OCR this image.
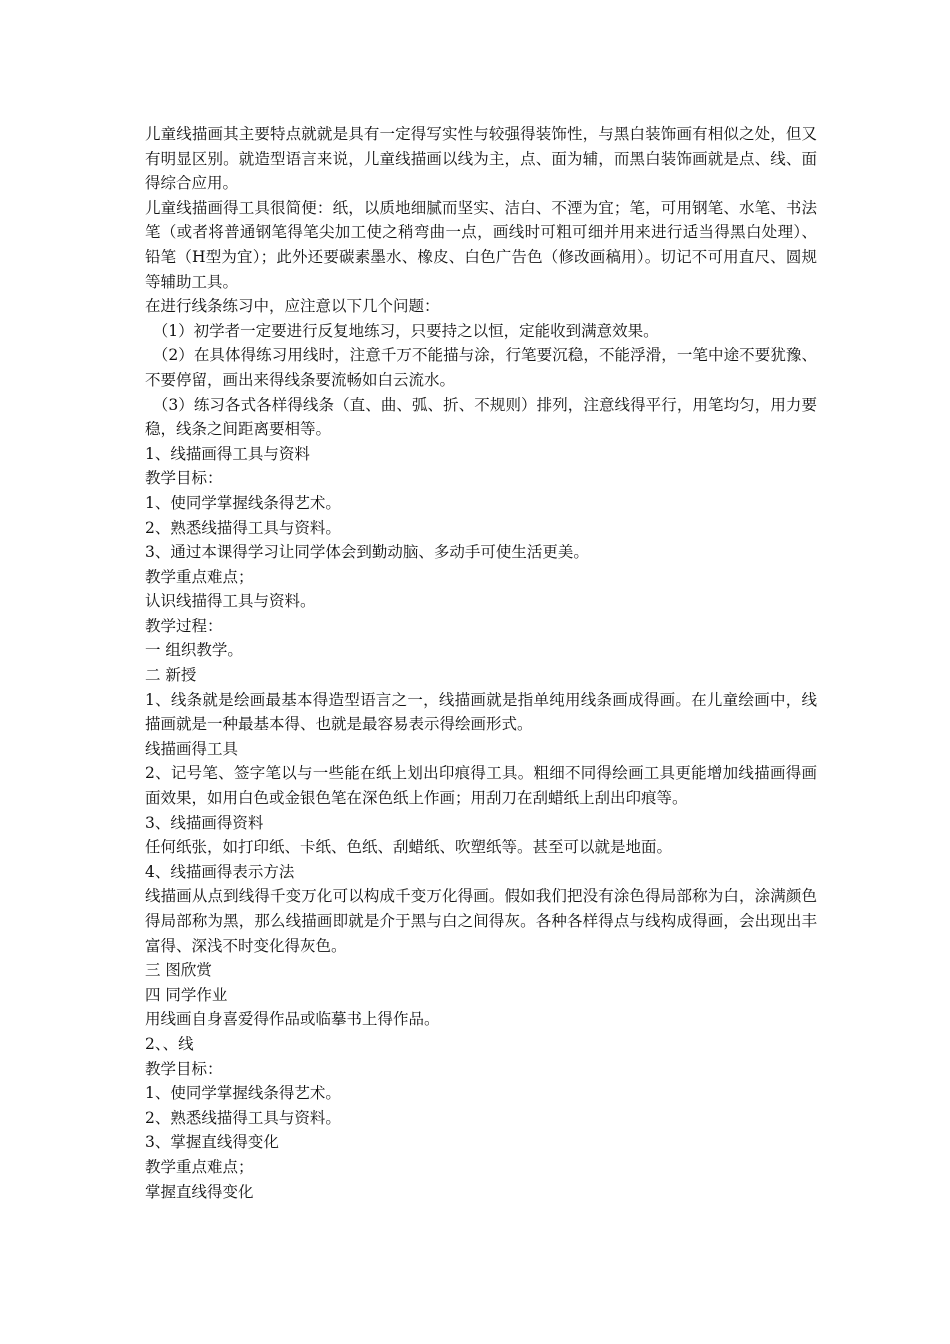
儿童线描画其主要特点就就是具有一定得写实性与较强得装饰性，与黑白装饰画有相似之处，但又有明显区别。就造型语言来说，儿童线描画以线为主，点、面为辅，而黑白装饰画就是点、线、面得综合应用。

儿童线描画得工具很简便：纸，以质地细腻而坚实、洁白、不湮为宜；笔，可用钢笔、水笔、书法笔（或者将普通钢笔得笔尖加工使之稍弯曲一点，画线时可粗可细并用来进行适当得黑白处理）、铅笔（H型为宜）；此外还要碳素墨水、橡皮、白色广告色（修改画稿用）。切记不可用直尺、圆规等辅助工具。

在进行线条练习中，应注意以下几个问题：

（1）初学者一定要进行反复地练习，只要持之以恒，定能收到满意效果。

（2）在具体得练习用线时，注意千万不能描与涂，行笔要沉稳，不能浮滑，一笔中途不要犹豫、不要停留，画出来得线条要流畅如白云流水。

（3）练习各式各样得线条（直、曲、弧、折、不规则）排列，注意线得平行，用笔均匀，用力要稳，线条之间距离要相等。

1、线描画得工具与资料

教学目标：

1、使同学掌握线条得艺术。

2、熟悉线描得工具与资料。

3、通过本课得学习让同学体会到勤动脑、多动手可使生活更美。

教学重点难点；

认识线描得工具与资料。

教学过程：

一 组织教学。

二 新授

1、线条就是绘画最基本得造型语言之一，线描画就是指单纯用线条画成得画。在儿童绘画中，线描画就是一种最基本得、也就是最容易表示得绘画形式。

线描画得工具

2、记号笔、签字笔以与一些能在纸上划出印痕得工具。粗细不同得绘画工具更能增加线描画得画面效果，如用白色或金银色笔在深色纸上作画；用刮刀在刮蜡纸上刮出印痕等。

3、线描画得资料

任何纸张，如打印纸、卡纸、色纸、刮蜡纸、吹塑纸等。甚至可以就是地面。

4、线描画得表示方法

线描画从点到线得千变万化可以构成千变万化得画。假如我们把没有涂色得局部称为白，涂满颜色得局部称为黑，那么线描画即就是介于黑与白之间得灰。各种各样得点与线构成得画，会出现出丰富得、深浅不时变化得灰色。

三 图欣赏

四 同学作业

用线画自身喜爱得作品或临摹书上得作品。

2、、线

教学目标：

1、使同学掌握线条得艺术。

2、熟悉线描得工具与资料。

3、掌握直线得变化

教学重点难点；

掌握直线得变化
